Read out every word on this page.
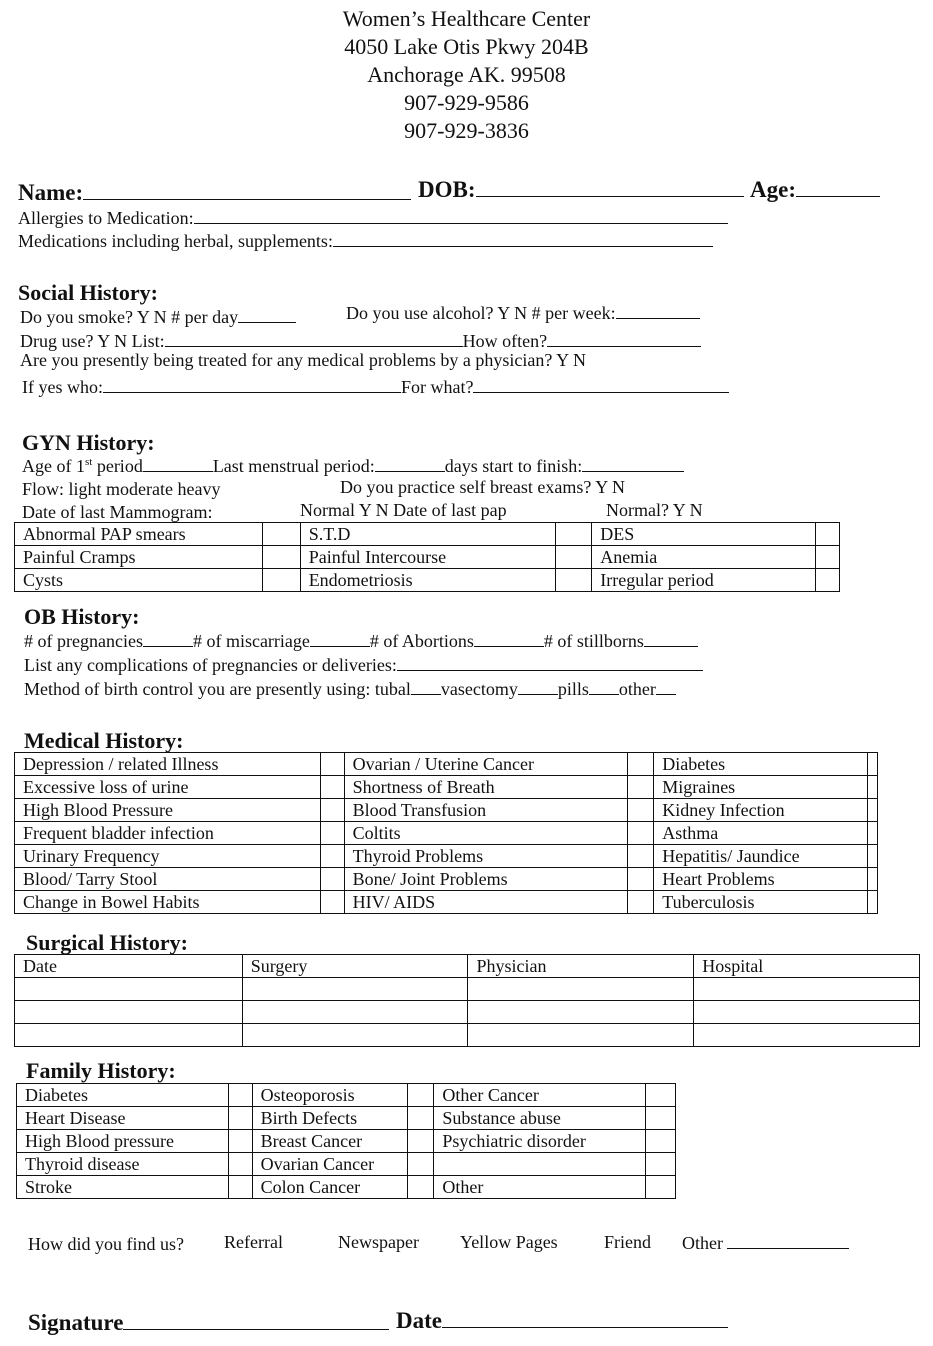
Women’s Healthcare Center
4050 Lake Otis Pkwy 204B
Anchorage AK. 99508
907-929-9586
907-929-3836
Name:	DOB:	Age:
Allergies to Medication:
Medications including herbal, supplements:
Social History:
Do you smoke? Y N # per day	Do you use alcohol? Y N # per week:
Drug use? Y N List:	How often?
Are you presently being treated for any medical problems by a physician? Y N
If yes who:	For what?
GYN History:
Age of 1st period	Last menstrual period:	days start to finish:
Flow: light moderate heavy	Do you practice self breast exams? Y N
Date of last Mammogram:	Normal Y N Date of last pap	Normal? Y N
Abnormal PAP smears		S.T.D		DES	
Painful Cramps		Painful Intercourse		Anemia	
Cysts		Endometriosis		Irregular period	
OB History:
# of pregnancies	# of miscarriage	# of Abortions	# of stillborns
List any complications of pregnancies or deliveries:
Method of birth control you are presently using: tubal vasectomy pills other
Medical History:
Depression / related Illness		Ovarian / Uterine Cancer		Diabetes	
Excessive loss of urine		Shortness of Breath		Migraines	
High Blood Pressure		Blood Transfusion		Kidney Infection	
Frequent bladder infection		Coltits		Asthma	
Urinary Frequency		Thyroid Problems		Hepatitis/ Jaundice	
Blood/ Tarry Stool		Bone/ Joint Problems		Heart Problems	
Change in Bowel Habits		HIV/ AIDS		Tuberculosis	
Surgical History:
Date	Surgery	Physician	Hospital

Family History:
Diabetes		Osteoporosis		Other Cancer	
Heart Disease		Birth Defects		Substance abuse	
High Blood pressure		Breast Cancer		Psychiatric disorder	
Thyroid disease		Ovarian Cancer			
Stroke		Colon Cancer		Other	
How did you find us? Referral	Newspaper Yellow Pages	Friend Other
Signature	Date
